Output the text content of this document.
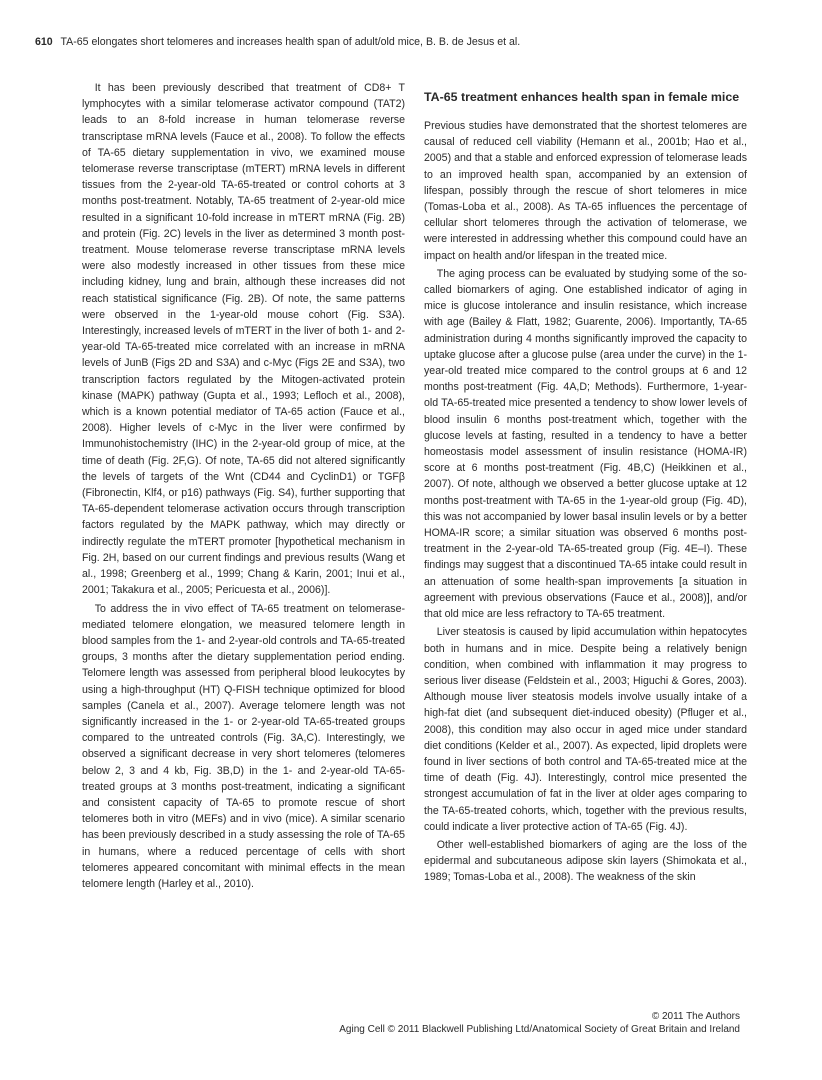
610 TA-65 elongates short telomeres and increases health span of adult/old mice, B. B. de Jesus et al.

It has been previously described that treatment of CD8+ T lymphocytes with a similar telomerase activator compound (TAT2) leads to an 8-fold increase in human telomerase reverse transcriptase mRNA levels (Fauce et al., 2008). To follow the effects of TA-65 dietary supplementation in vivo, we examined mouse telomerase reverse transcriptase (mTERT) mRNA levels in different tissues from the 2-year-old TA-65-treated or control cohorts at 3 months post-treatment. Notably, TA-65 treatment of 2-year-old mice resulted in a significant 10-fold increase in mTERT mRNA (Fig. 2B) and protein (Fig. 2C) levels in the liver as determined 3 month post-treatment. Mouse telomerase reverse transcriptase mRNA levels were also modestly increased in other tissues from these mice including kidney, lung and brain, although these increases did not reach statistical significance (Fig. 2B). Of note, the same patterns were observed in the 1-year-old mouse cohort (Fig. S3A). Interestingly, increased levels of mTERT in the liver of both 1- and 2-year-old TA-65-treated mice correlated with an increase in mRNA levels of JunB (Figs 2D and S3A) and c-Myc (Figs 2E and S3A), two transcription factors regulated by the Mitogen-activated protein kinase (MAPK) pathway (Gupta et al., 1993; Lefloch et al., 2008), which is a known potential mediator of TA-65 action (Fauce et al., 2008). Higher levels of c-Myc in the liver were confirmed by Immunohistochemistry (IHC) in the 2-year-old group of mice, at the time of death (Fig. 2F,G). Of note, TA-65 did not altered significantly the levels of targets of the Wnt (CD44 and CyclinD1) or TGFβ (Fibronectin, Klf4, or p16) pathways (Fig. S4), further supporting that TA-65-dependent telomerase activation occurs through transcription factors regulated by the MAPK pathway, which may directly or indirectly regulate the mTERT promoter [hypothetical mechanism in Fig. 2H, based on our current findings and previous results (Wang et al., 1998; Greenberg et al., 1999; Chang & Karin, 2001; Inui et al., 2001; Takakura et al., 2005; Pericuesta et al., 2006)].

To address the in vivo effect of TA-65 treatment on telomerase-mediated telomere elongation, we measured telomere length in blood samples from the 1- and 2-year-old controls and TA-65-treated groups, 3 months after the dietary supplementation period ending. Telomere length was assessed from peripheral blood leukocytes by using a high-throughput (HT) Q-FISH technique optimized for blood samples (Canela et al., 2007). Average telomere length was not significantly increased in the 1- or 2-year-old TA-65-treated groups compared to the untreated controls (Fig. 3A,C). Interestingly, we observed a significant decrease in very short telomeres (telomeres below 2, 3 and 4 kb, Fig. 3B,D) in the 1- and 2-year-old TA-65-treated groups at 3 months post-treatment, indicating a significant and consistent capacity of TA-65 to promote rescue of short telomeres both in vitro (MEFs) and in vivo (mice). A similar scenario has been previously described in a study assessing the role of TA-65 in humans, where a reduced percentage of cells with short telomeres appeared concomitant with minimal effects in the mean telomere length (Harley et al., 2010).

TA-65 treatment enhances health span in female mice

Previous studies have demonstrated that the shortest telomeres are causal of reduced cell viability (Hemann et al., 2001b; Hao et al., 2005) and that a stable and enforced expression of telomerase leads to an improved health span, accompanied by an extension of lifespan, possibly through the rescue of short telomeres in mice (Tomas-Loba et al., 2008). As TA-65 influences the percentage of cellular short telomeres through the activation of telomerase, we were interested in addressing whether this compound could have an impact on health and/or lifespan in the treated mice.

The aging process can be evaluated by studying some of the so-called biomarkers of aging. One established indicator of aging in mice is glucose intolerance and insulin resistance, which increase with age (Bailey & Flatt, 1982; Guarente, 2006). Importantly, TA-65 administration during 4 months significantly improved the capacity to uptake glucose after a glucose pulse (area under the curve) in the 1-year-old treated mice compared to the control groups at 6 and 12 months post-treatment (Fig. 4A,D; Methods). Furthermore, 1-year-old TA-65-treated mice presented a tendency to show lower levels of blood insulin 6 months post-treatment which, together with the glucose levels at fasting, resulted in a tendency to have a better homeostasis model assessment of insulin resistance (HOMA-IR) score at 6 months post-treatment (Fig. 4B,C) (Heikkinen et al., 2007). Of note, although we observed a better glucose uptake at 12 months post-treatment with TA-65 in the 1-year-old group (Fig. 4D), this was not accompanied by lower basal insulin levels or by a better HOMA-IR score; a similar situation was observed 6 months post-treatment in the 2-year-old TA-65-treated group (Fig. 4E–I). These findings may suggest that a discontinued TA-65 intake could result in an attenuation of some health-span improvements [a situation in agreement with previous observations (Fauce et al., 2008)], and/or that old mice are less refractory to TA-65 treatment.

Liver steatosis is caused by lipid accumulation within hepatocytes both in humans and in mice. Despite being a relatively benign condition, when combined with inflammation it may progress to serious liver disease (Feldstein et al., 2003; Higuchi & Gores, 2003). Although mouse liver steatosis models involve usually intake of a high-fat diet (and subsequent diet-induced obesity) (Pfluger et al., 2008), this condition may also occur in aged mice under standard diet conditions (Kelder et al., 2007). As expected, lipid droplets were found in liver sections of both control and TA-65-treated mice at the time of death (Fig. 4J). Interestingly, control mice presented the strongest accumulation of fat in the liver at older ages comparing to the TA-65-treated cohorts, which, together with the previous results, could indicate a liver protective action of TA-65 (Fig. 4J).

Other well-established biomarkers of aging are the loss of the epidermal and subcutaneous adipose skin layers (Shimokata et al., 1989; Tomas-Loba et al., 2008). The weakness of the skin

© 2011 The Authors
Aging Cell © 2011 Blackwell Publishing Ltd/Anatomical Society of Great Britain and Ireland
